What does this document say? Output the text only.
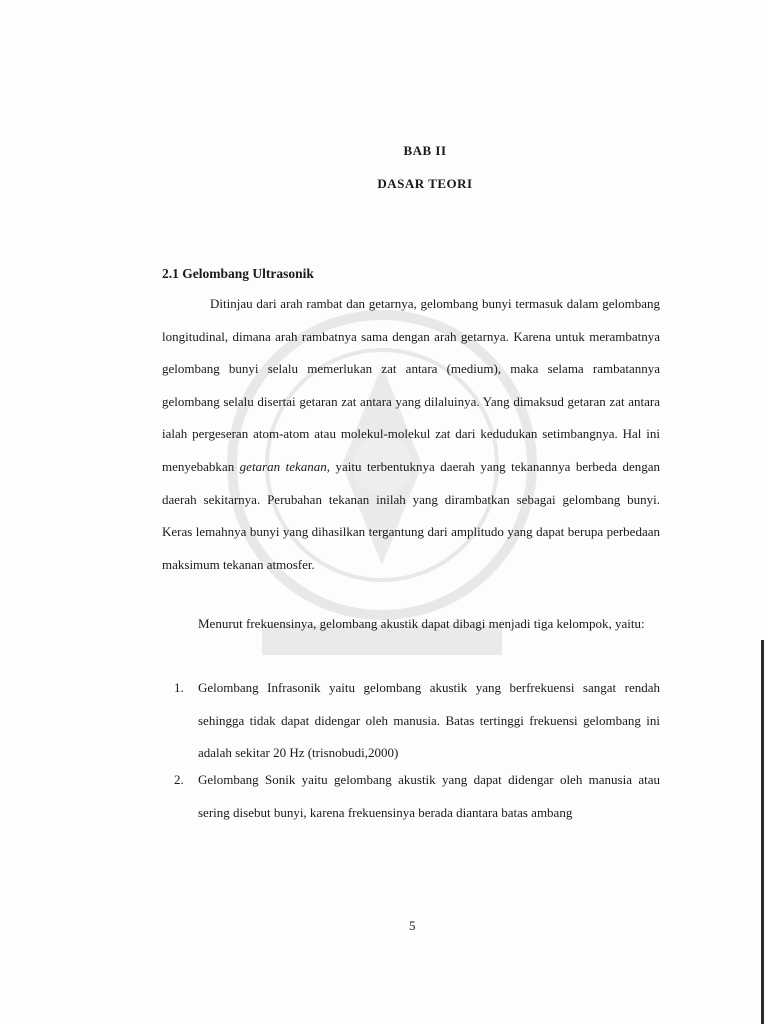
BAB II
DASAR TEORI
2.1 Gelombang Ultrasonik

Ditinjau dari arah rambat dan getarnya, gelombang bunyi termasuk dalam gelombang longitudinal, dimana arah rambatnya sama dengan arah getarnya. Karena untuk merambatnya gelombang bunyi selalu memerlukan zat antara (medium), maka selama rambatannya gelombang selalu disertai getaran zat antara yang dilaluinya. Yang dimaksud getaran zat antara ialah pergeseran atom-atom atau molekul-molekul zat dari kedudukan setimbangnya. Hal ini menyebabkan getaran tekanan, yaitu terbentuknya daerah yang tekanannya berbeda dengan daerah sekitarnya. Perubahan tekanan inilah yang dirambatkan sebagai gelombang bunyi. Keras lemahnya bunyi yang dihasilkan tergantung dari amplitudo yang dapat berupa perbedaan maksimum tekanan atmosfer.

Menurut frekuensinya, gelombang akustik dapat dibagi menjadi tiga kelompok, yaitu:

1. Gelombang Infrasonik yaitu gelombang akustik yang berfrekuensi sangat rendah sehingga tidak dapat didengar oleh manusia. Batas tertinggi frekuensi gelombang ini adalah sekitar 20 Hz (trisnobudi,2000)
2. Gelombang Sonik yaitu gelombang akustik yang dapat didengar oleh manusia atau sering disebut bunyi, karena frekuensinya berada diantara batas ambang
5
